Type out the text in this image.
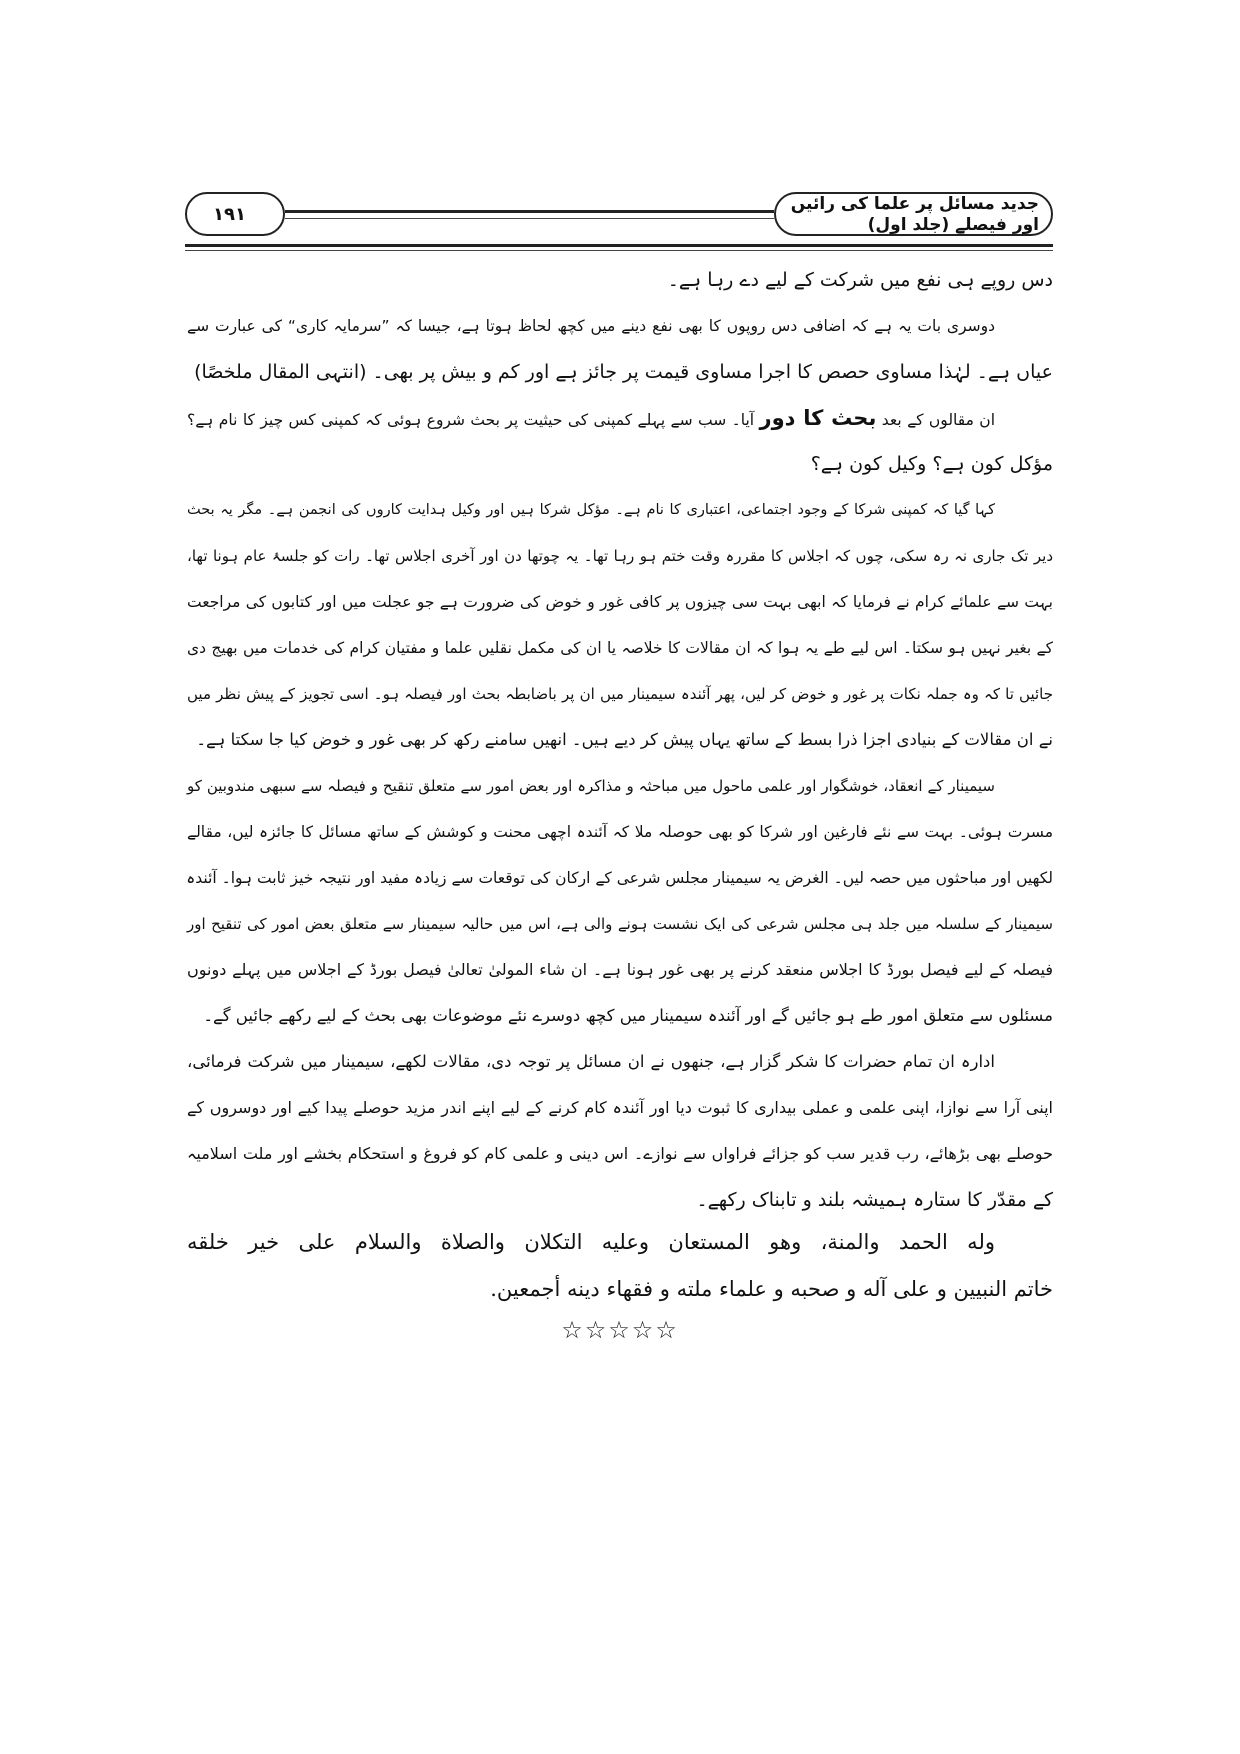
۱۹۱	جدید مسائل پر علما کی رائیں اور فیصلے (جلد اول)
دس روپے ہی نفع میں شرکت کے لیے دے رہا ہے۔
دوسری بات یہ ہے کہ اضافی دس روپوں کا بھی نفع دینے میں کچھ لحاظ ہوتا ہے، جیسا کہ ”سرمایہ کاری“ کی عبارت سے
عیاں ہے۔ لہٰذا مساوی حصص کا اجرا مساوی قیمت پر جائز ہے اور کم و بیش پر بھی۔ (انتہی المقال ملخصًا)
ان مقالوں کے بعد بحث کا دور آیا۔ سب سے پہلے کمپنی کی حیثیت پر بحث شروع ہوئی کہ کمپنی کس چیز کا نام ہے؟
مؤکل کون ہے؟ وکیل کون ہے؟
کہا گیا کہ کمپنی شرکا کے وجود اجتماعی، اعتباری کا نام ہے۔ مؤکل شرکا ہیں اور وکیل ہدایت کاروں کی انجمن ہے۔ مگر یہ بحث
دیر تک جاری نہ رہ سکی، چوں کہ اجلاس کا مقررہ وقت ختم ہو رہا تھا۔ یہ چوتھا دن اور آخری اجلاس تھا۔ رات کو جلسۂ عام ہونا تھا،
بہت سے علمائے کرام نے فرمایا کہ ابھی بہت سی چیزوں پر کافی غور و خوض کی ضرورت ہے جو عجلت میں اور کتابوں کی مراجعت
کے بغیر نہیں ہو سکتا۔ اس لیے طے یہ ہوا کہ ان مقالات کا خلاصہ یا ان کی مکمل نقلیں علما و مفتیان کرام کی خدمات میں بھیج دی
جائیں تا کہ وہ جملہ نکات پر غور و خوض کر لیں، پھر آئندہ سیمینار میں ان پر باضابطہ بحث اور فیصلہ ہو۔ اسی تجویز کے پیش نظر میں
نے ان مقالات کے بنیادی اجزا ذرا بسط کے ساتھ یہاں پیش کر دیے ہیں۔ انھیں سامنے رکھ کر بھی غور و خوض کیا جا سکتا ہے۔
سیمینار کے انعقاد، خوشگوار اور علمی ماحول میں مباحثہ و مذاکرہ اور بعض امور سے متعلق تنقیح و فیصلہ سے سبھی مندوبین کو
مسرت ہوئی۔ بہت سے نئے فارغین اور شرکا کو بھی حوصلہ ملا کہ آئندہ اچھی محنت و کوشش کے ساتھ مسائل کا جائزہ لیں، مقالے
لکھیں اور مباحثوں میں حصہ لیں۔ الغرض یہ سیمینار مجلس شرعی کے ارکان کی توقعات سے زیادہ مفید اور نتیجہ خیز ثابت ہوا۔ آئندہ
سیمینار کے سلسلہ میں جلد ہی مجلس شرعی کی ایک نشست ہونے والی ہے، اس میں حالیہ سیمینار سے متعلق بعض امور کی تنقیح اور
فیصلہ کے لیے فیصل بورڈ کا اجلاس منعقد کرنے پر بھی غور ہونا ہے۔ ان شاء المولیٰ تعالیٰ فیصل بورڈ کے اجلاس میں پہلے دونوں
مسئلوں سے متعلق امور طے ہو جائیں گے اور آئندہ سیمینار میں کچھ دوسرے نئے موضوعات بھی بحث کے لیے رکھے جائیں گے۔
ادارہ ان تمام حضرات کا شکر گزار ہے، جنھوں نے ان مسائل پر توجہ دی، مقالات لکھے، سیمینار میں شرکت فرمائی،
اپنی آرا سے نوازا، اپنی علمی و عملی بیداری کا ثبوت دیا اور آئندہ کام کرنے کے لیے اپنے اندر مزید حوصلے پیدا کیے اور دوسروں کے
حوصلے بھی بڑھائے، رب قدیر سب کو جزائے فراواں سے نوازے۔ اس دینی و علمی کام کو فروغ و استحکام بخشے اور ملت اسلامیہ
کے مقدّر کا ستارہ ہمیشہ بلند و تابناک رکھے۔
وله الحمد والمنة، وهو المستعان وعليه التكلان والصلاة والسلام على خير خلقه
خاتم النبيين و على آله و صحبه و علماء ملته و فقهاء دينه أجمعين.
☆☆☆☆☆
